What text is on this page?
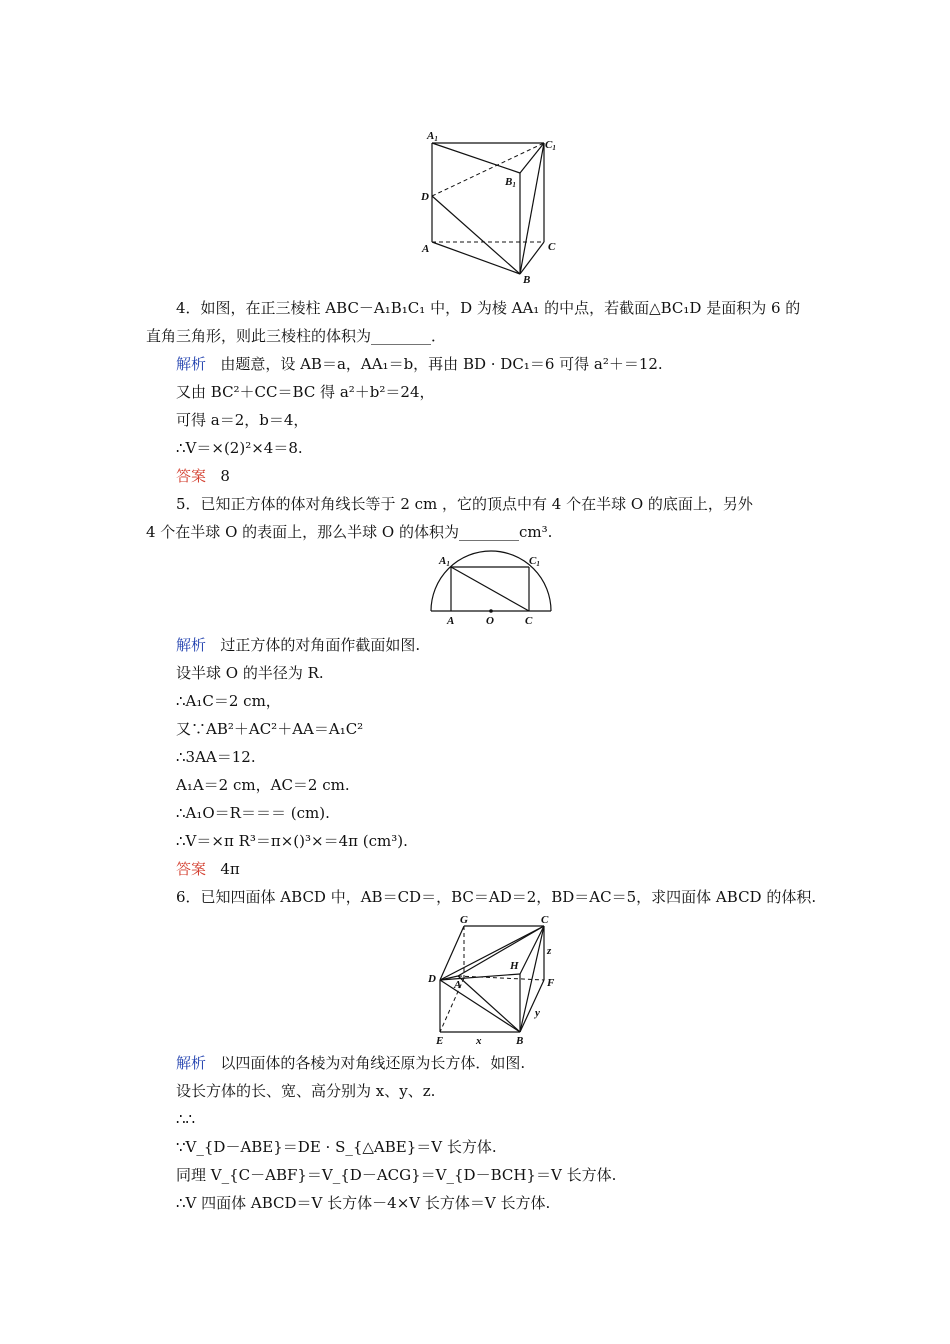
A1	C1
B1
D
A	C
B
4．如图，在正三棱柱 ABC－A₁B₁C₁ 中，D 为棱 AA₁ 的中点，若截面△BC₁D 是面积为 6 的
直角三角形，则此三棱柱的体积为________．
解析 由题意，设 AB＝a，AA₁＝b，再由 BD · DC₁＝6 可得 a²＋＝12.
又由 BC²＋CC＝BC 得 a²＋b²＝24，
可得 a＝2，b＝4，
∴V＝×(2)²×4＝8.
答案 8
5．已知正方体的体对角线长等于 2 cm ，它的顶点中有 4 个在半球 O 的底面上，另外
4 个在半球 O 的表面上，那么半球 O 的体积为________cm³.
A1	C1
A	O	C
解析 过正方体的对角面作截面如图.
设半球 O 的半径为 R.
∴A₁C＝2 cm，
又∵AB²＋AC²＋AA＝A₁C²
∴3AA＝12.
A₁A＝2 cm，AC＝2 cm.
∴A₁O＝R＝＝＝ (cm).
∴V＝×π R³＝π×()³×＝4π (cm³).
答案 4π
6．已知四面体 ABCD 中，AB＝CD＝，BC＝AD＝2，BD＝AC＝5，求四面体 ABCD 的体积.
G	C
z
H
D A	F
y
E	x	B
解析 以四面体的各棱为对角线还原为长方体．如图.
设长方体的长、宽、高分别为 x、y、z.
∴∴
∵V_{D－ABE}＝DE · S_{△ABE}＝V 长方体.
同理 V_{C－ABF}＝V_{D－ACG}＝V_{D－BCH}＝V 长方体.
∴V 四面体 ABCD＝V 长方体－4×V 长方体＝V 长方体.
